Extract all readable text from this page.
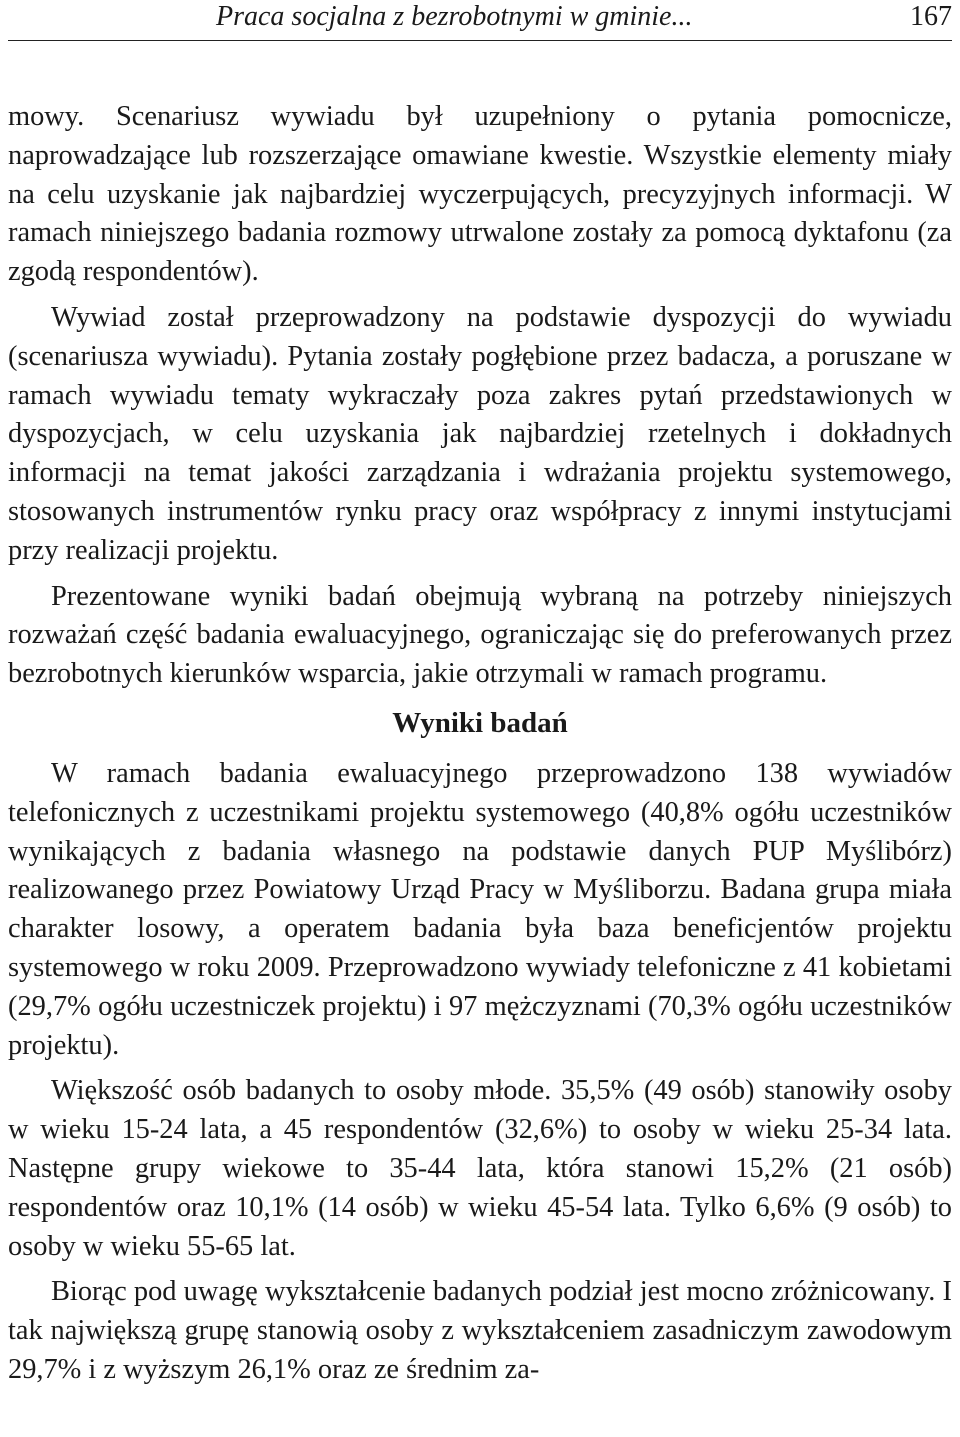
Praca socjalna z bezrobotnymi w gminie...	167

mowy. Scenariusz wywiadu był uzupełniony o pytania pomocnicze, naprowadzające lub rozszerzające omawiane kwestie. Wszystkie elementy miały na celu uzyskanie jak najbardziej wyczerpujących, precyzyjnych informacji. W ramach niniejszego badania rozmowy utrwalone zostały za pomocą dyktafonu (za zgodą respondentów).

Wywiad został przeprowadzony na podstawie dyspozycji do wywiadu (scenariusza wywiadu). Pytania zostały pogłębione przez badacza, a poruszane w ramach wywiadu tematy wykraczały poza zakres pytań przedstawionych w dyspozycjach, w celu uzyskania jak najbardziej rzetelnych i dokładnych informacji na temat jakości zarządzania i wdrażania projektu systemowego, stosowanych instrumentów rynku pracy oraz współpracy z innymi instytucjami przy realizacji projektu.

Prezentowane wyniki badań obejmują wybraną na potrzeby niniejszych rozważań część badania ewaluacyjnego, ograniczając się do preferowanych przez bezrobotnych kierunków wsparcia, jakie otrzymali w ramach programu.

Wyniki badań

W ramach badania ewaluacyjnego przeprowadzono 138 wywiadów telefonicznych z uczestnikami projektu systemowego (40,8% ogółu uczestników wynikających z badania własnego na podstawie danych PUP Myślibórz) realizowanego przez Powiatowy Urząd Pracy w Myśliborzu. Badana grupa miała charakter losowy, a operatem badania była baza beneficjentów projektu systemowego w roku 2009. Przeprowadzono wywiady telefoniczne z 41 kobietami (29,7% ogółu uczestniczek projektu) i 97 mężczyznami (70,3% ogółu uczestników projektu).

Większość osób badanych to osoby młode. 35,5% (49 osób) stanowiły osoby w wieku 15-24 lata, a 45 respondentów (32,6%) to osoby w wieku 25-34 lata. Następne grupy wiekowe to 35-44 lata, która stanowi 15,2% (21 osób) respondentów oraz 10,1% (14 osób) w wieku 45-54 lata. Tylko 6,6% (9 osób) to osoby w wieku 55-65 lat.

Biorąc pod uwagę wykształcenie badanych podział jest mocno zróżnicowany. I tak największą grupę stanowią osoby z wykształceniem zasadniczym zawodowym 29,7% i z wyższym 26,1% oraz ze średnim za-
